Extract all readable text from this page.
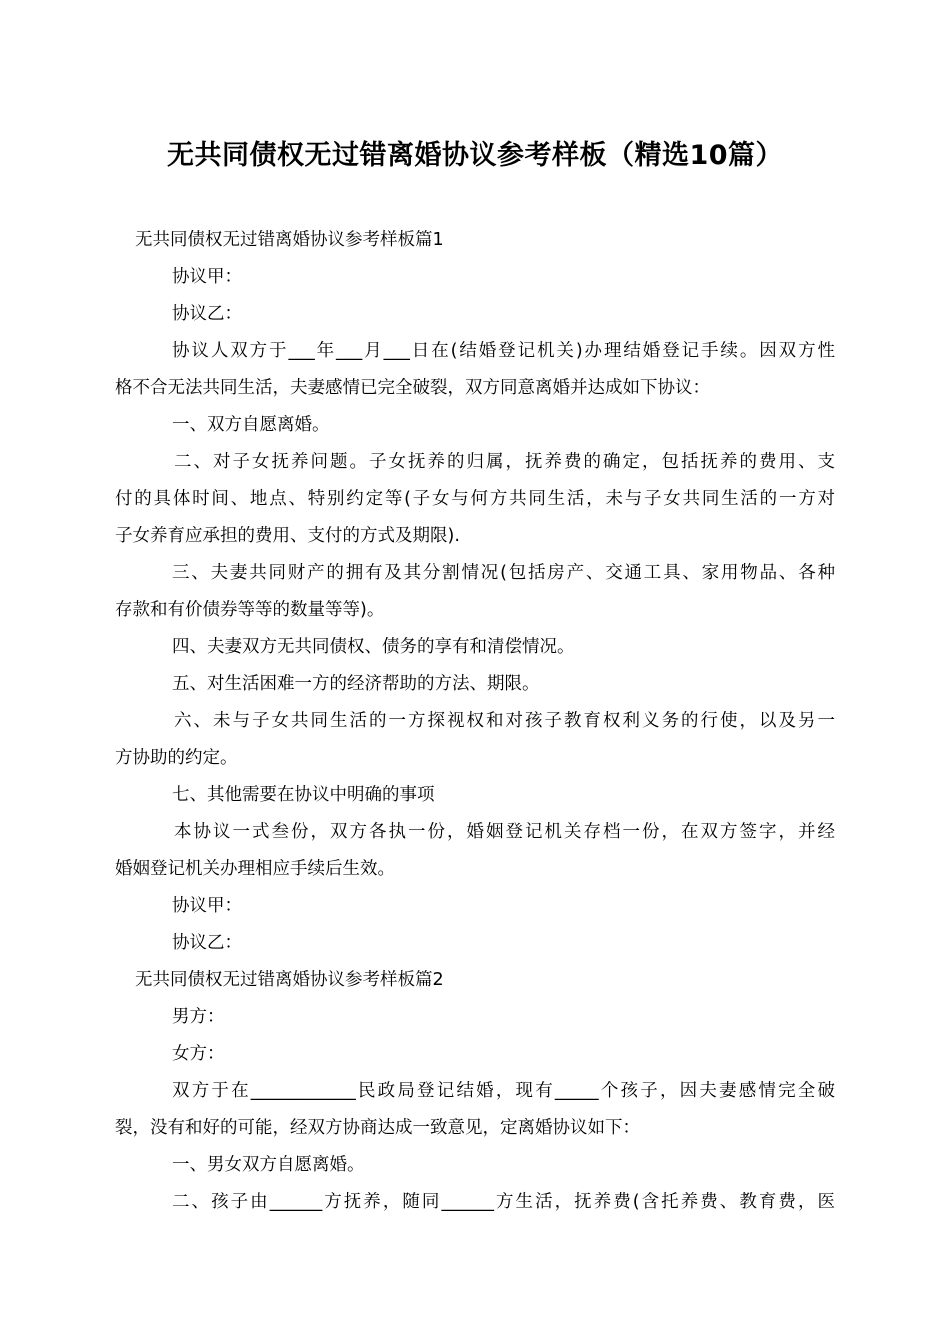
无共同债权无过错离婚协议参考样板（精选10篇）
无共同债权无过错离婚协议参考样板篇1
协议甲：
协议乙：
协议人双方于___年___月___日在(结婚登记机关)办理结婚登记手续。因双方性
格不合无法共同生活，夫妻感情已完全破裂，双方同意离婚并达成如下协议：
一、双方自愿离婚。
二、对子女抚养问题。子女抚养的归属，抚养费的确定，包括抚养的费用、支
付的具体时间、地点、特别约定等(子女与何方共同生活，未与子女共同生活的一方对
子女养育应承担的费用、支付的方式及期限).
三、夫妻共同财产的拥有及其分割情况(包括房产、交通工具、家用物品、各种
存款和有价债券等等的数量等等)。
四、夫妻双方无共同债权、债务的享有和清偿情况。
五、对生活困难一方的经济帮助的方法、期限。
六、未与子女共同生活的一方探视权和对孩子教育权利义务的行使，以及另一
方协助的约定。
七、其他需要在协议中明确的事项
本协议一式叁份，双方各执一份，婚姻登记机关存档一份，在双方签字，并经
婚姻登记机关办理相应手续后生效。
协议甲：
协议乙：
无共同债权无过错离婚协议参考样板篇2
男方：
女方：
双方于在____________民政局登记结婚，现有_____个孩子，因夫妻感情完全破
裂，没有和好的可能，经双方协商达成一致意见，定离婚协议如下：
一、男女双方自愿离婚。
二、孩子由______方抚养，随同______方生活，抚养费(含托养费、教育费，医
